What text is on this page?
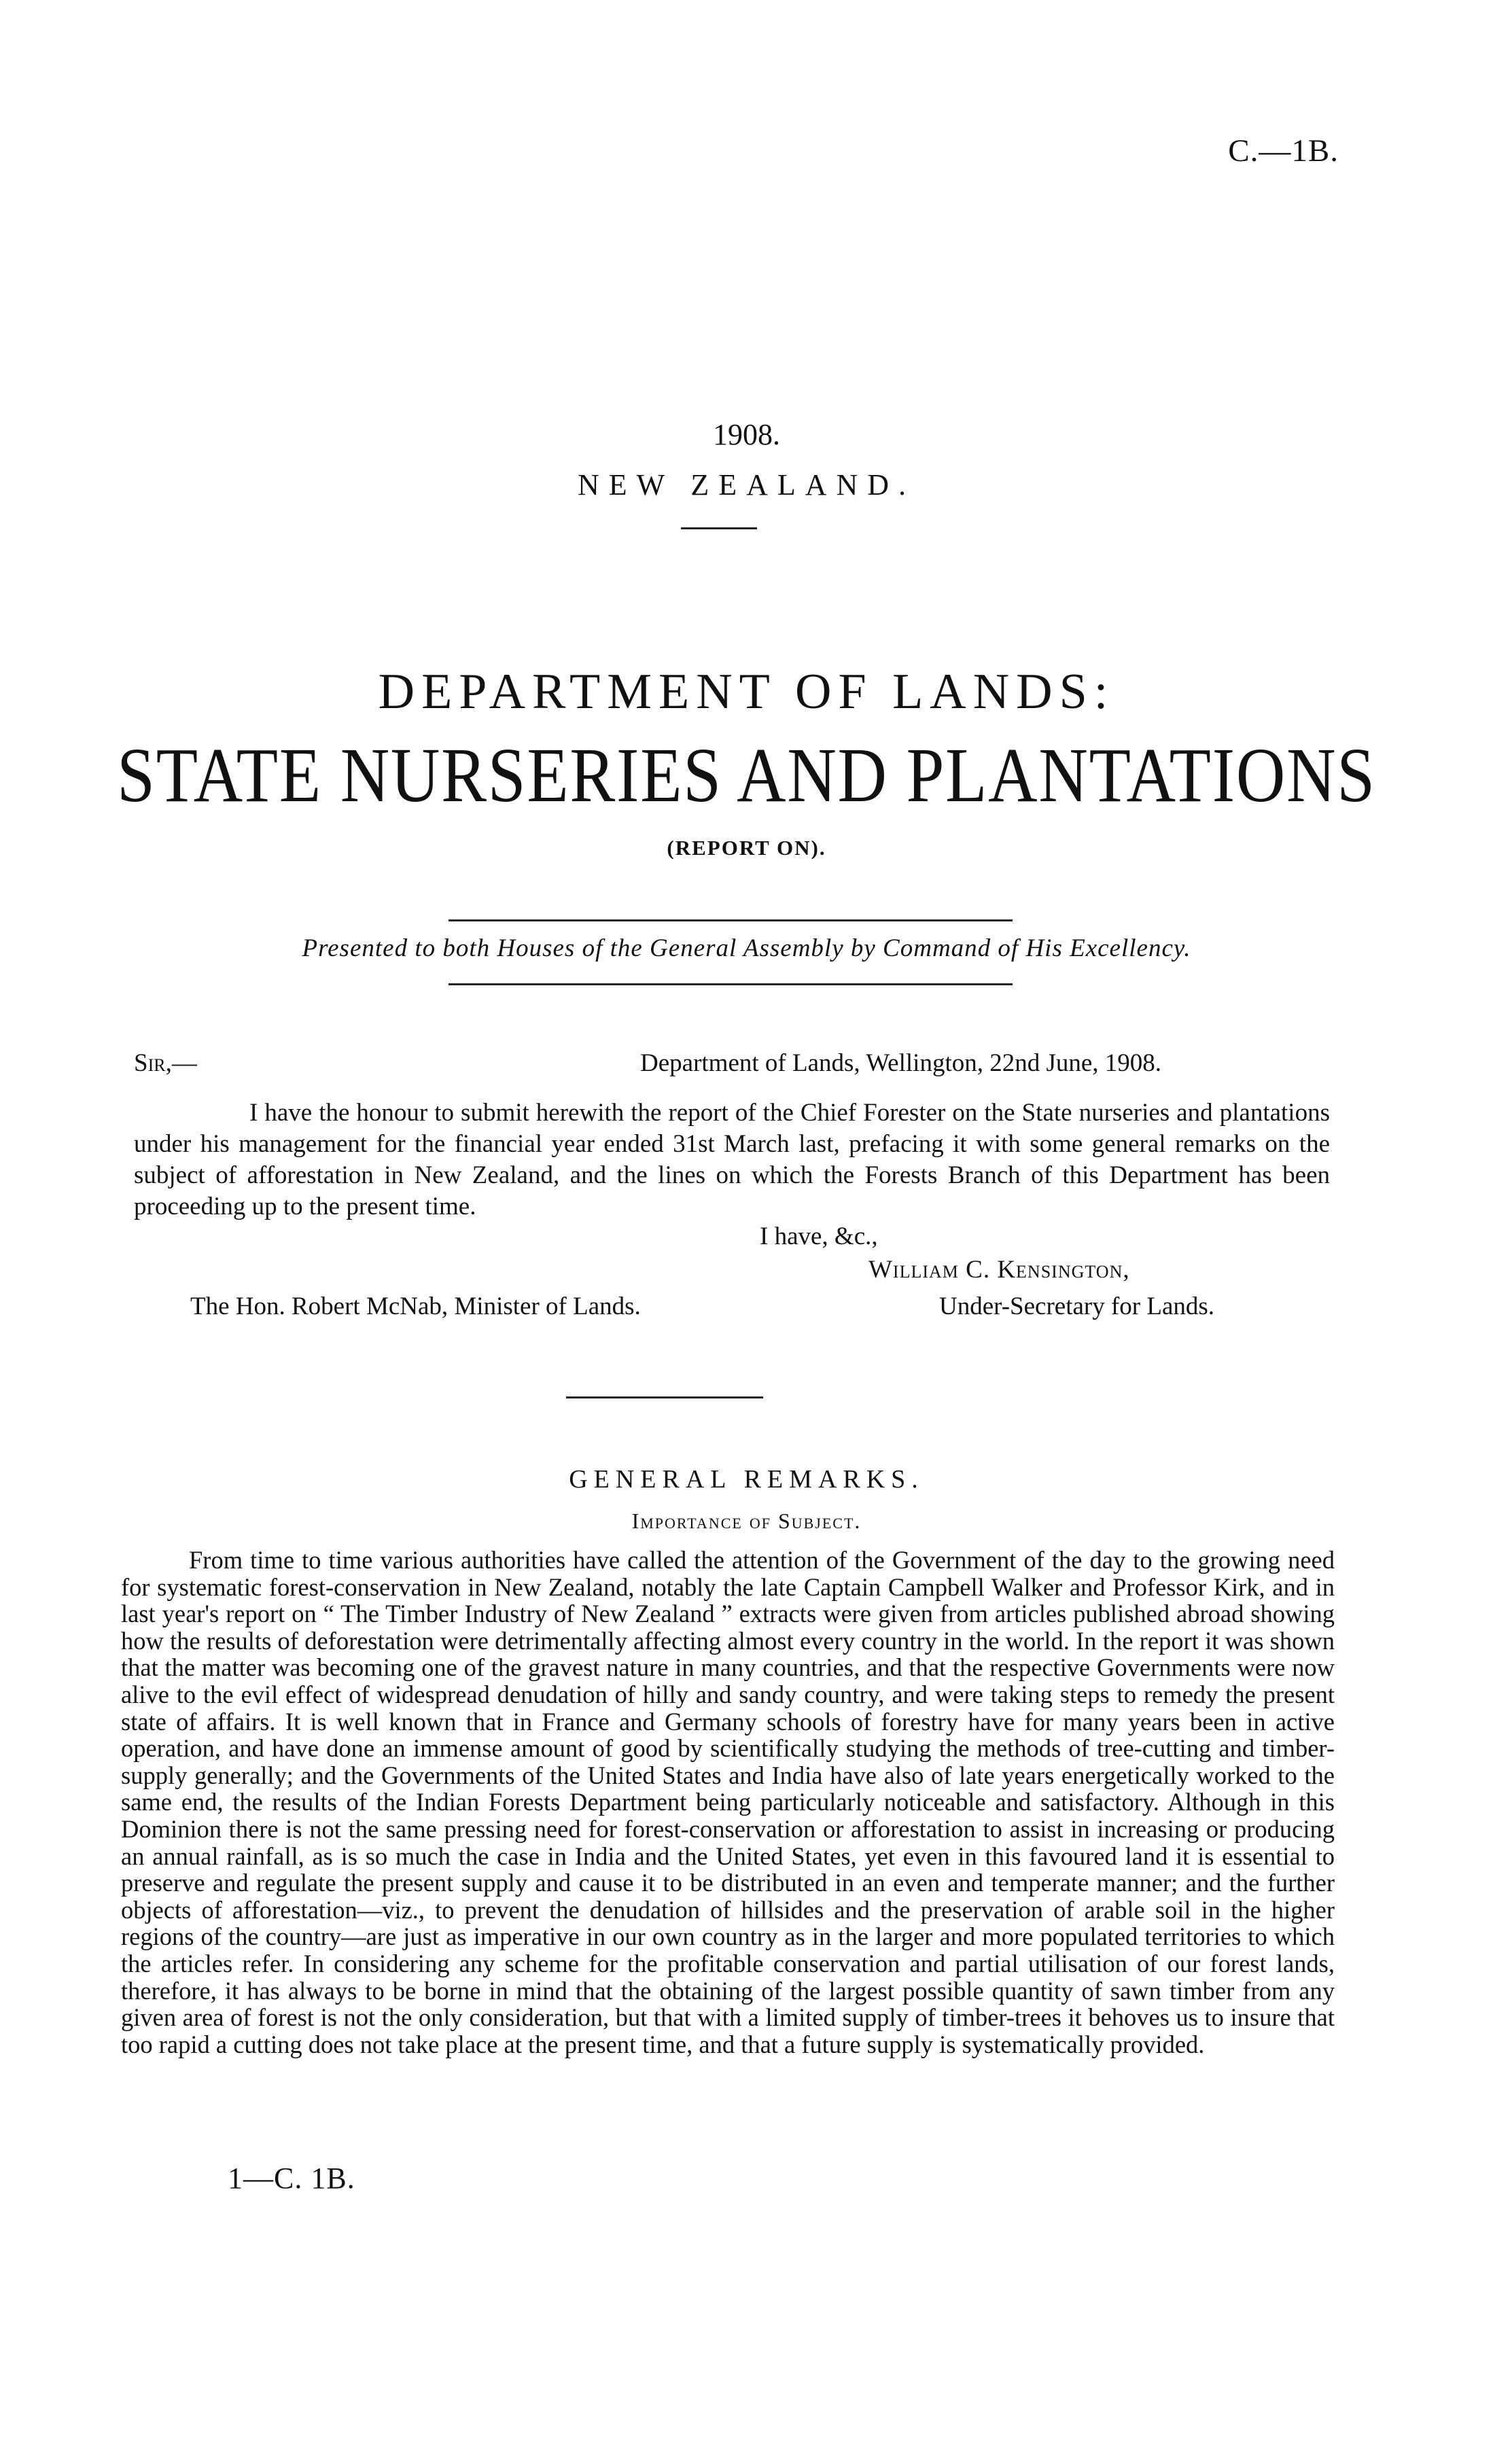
C.—1B.
1908.
NEW ZEALAND.
DEPARTMENT OF LANDS:
STATE NURSERIES AND PLANTATIONS
(REPORT ON).
Presented to both Houses of the General Assembly by Command of His Excellency.
Sir,—	Department of Lands, Wellington, 22nd June, 1908.
I have the honour to submit herewith the report of the Chief Forester on the State nurseries and plantations under his management for the financial year ended 31st March last, prefacing it with some general remarks on the subject of afforestation in New Zealand, and the lines on which the Forests Branch of this Department has been proceeding up to the present time.
I have, &c.,
William C. Kensington,
The Hon. Robert McNab, Minister of Lands.	Under-Secretary for Lands.
GENERAL REMARKS.
Importance of Subject.
From time to time various authorities have called the attention of the Government of the day to the growing need for systematic forest-conservation in New Zealand, notably the late Captain Campbell Walker and Professor Kirk, and in last year's report on “ The Timber Industry of New Zealand ” extracts were given from articles published abroad showing how the results of deforestation were detrimentally affecting almost every country in the world. In the report it was shown that the matter was becoming one of the gravest nature in many countries, and that the respective Governments were now alive to the evil effect of widespread denudation of hilly and sandy country, and were taking steps to remedy the present state of affairs. It is well known that in France and Germany schools of forestry have for many years been in active operation, and have done an immense amount of good by scientifically studying the methods of tree-cutting and timber-supply generally; and the Governments of the United States and India have also of late years energetically worked to the same end, the results of the Indian Forests Department being particularly noticeable and satisfactory. Although in this Dominion there is not the same pressing need for forest-conservation or afforestation to assist in increasing or producing an annual rainfall, as is so much the case in India and the United States, yet even in this favoured land it is essential to preserve and regulate the present supply and cause it to be distributed in an even and temperate manner; and the further objects of afforestation—viz., to prevent the denudation of hillsides and the preservation of arable soil in the higher regions of the country—are just as imperative in our own country as in the larger and more populated territories to which the articles refer. In considering any scheme for the profitable conservation and partial utilisation of our forest lands, therefore, it has always to be borne in mind that the obtaining of the largest possible quantity of sawn timber from any given area of forest is not the only consideration, but that with a limited supply of timber-trees it behoves us to insure that too rapid a cutting does not take place at the present time, and that a future supply is systematically provided.
1—C. 1B.
